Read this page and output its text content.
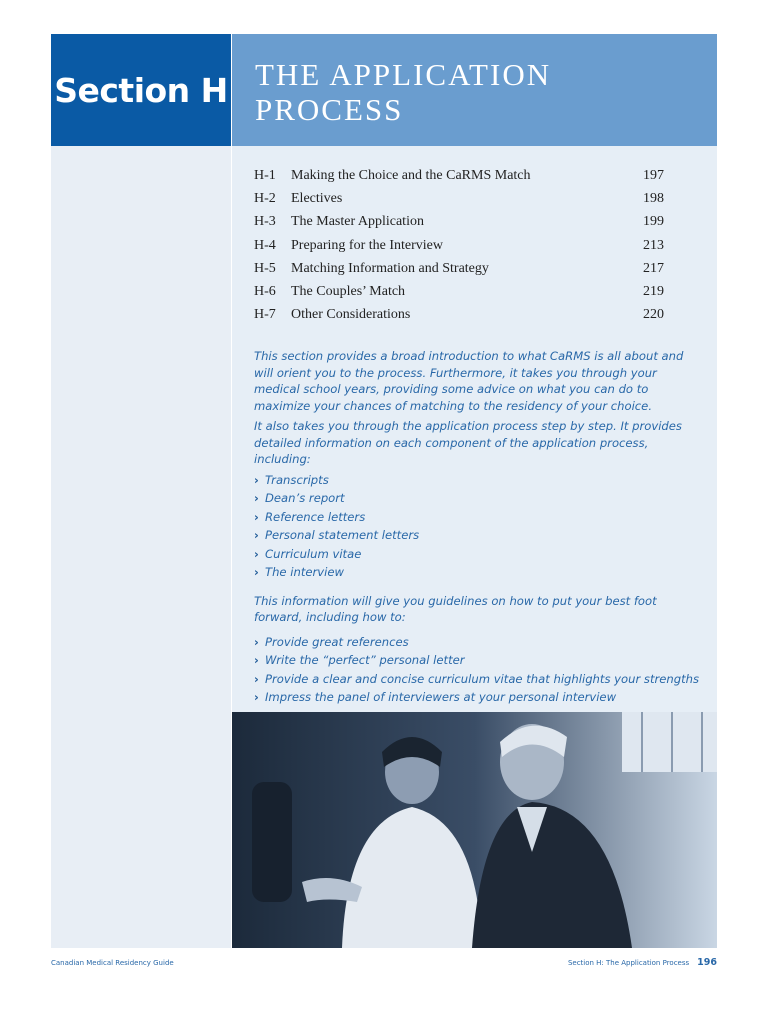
Section H THE APPLICATION PROCESS
H-1	Making the Choice and the CaRMS Match	197
H-2	Electives	198
H-3	The Master Application	199
H-4	Preparing for the Interview	213
H-5	Matching Information and Strategy	217
H-6	The Couples’ Match	219
H-7	Other Considerations	220

This section provides a broad introduction to what CaRMS is all about and will orient you to the process. Furthermore, it takes you through your medical school years, providing some advice on what you can do to maximize your chances of matching to the residency of your choice.

It also takes you through the application process step by step. It provides detailed information on each component of the application process, including:

› Transcripts
› Dean’s report
› Reference letters
› Personal statement letters
› Curriculum vitae
› The interview

This information will give you guidelines on how to put your best foot forward, including how to:

› Provide great references
› Write the “perfect” personal letter
› Provide a clear and concise curriculum vitae that highlights your strengths
› Impress the panel of interviewers at your personal interview
Canadian Medical Residency Guide	Section H: The Application Process 196
